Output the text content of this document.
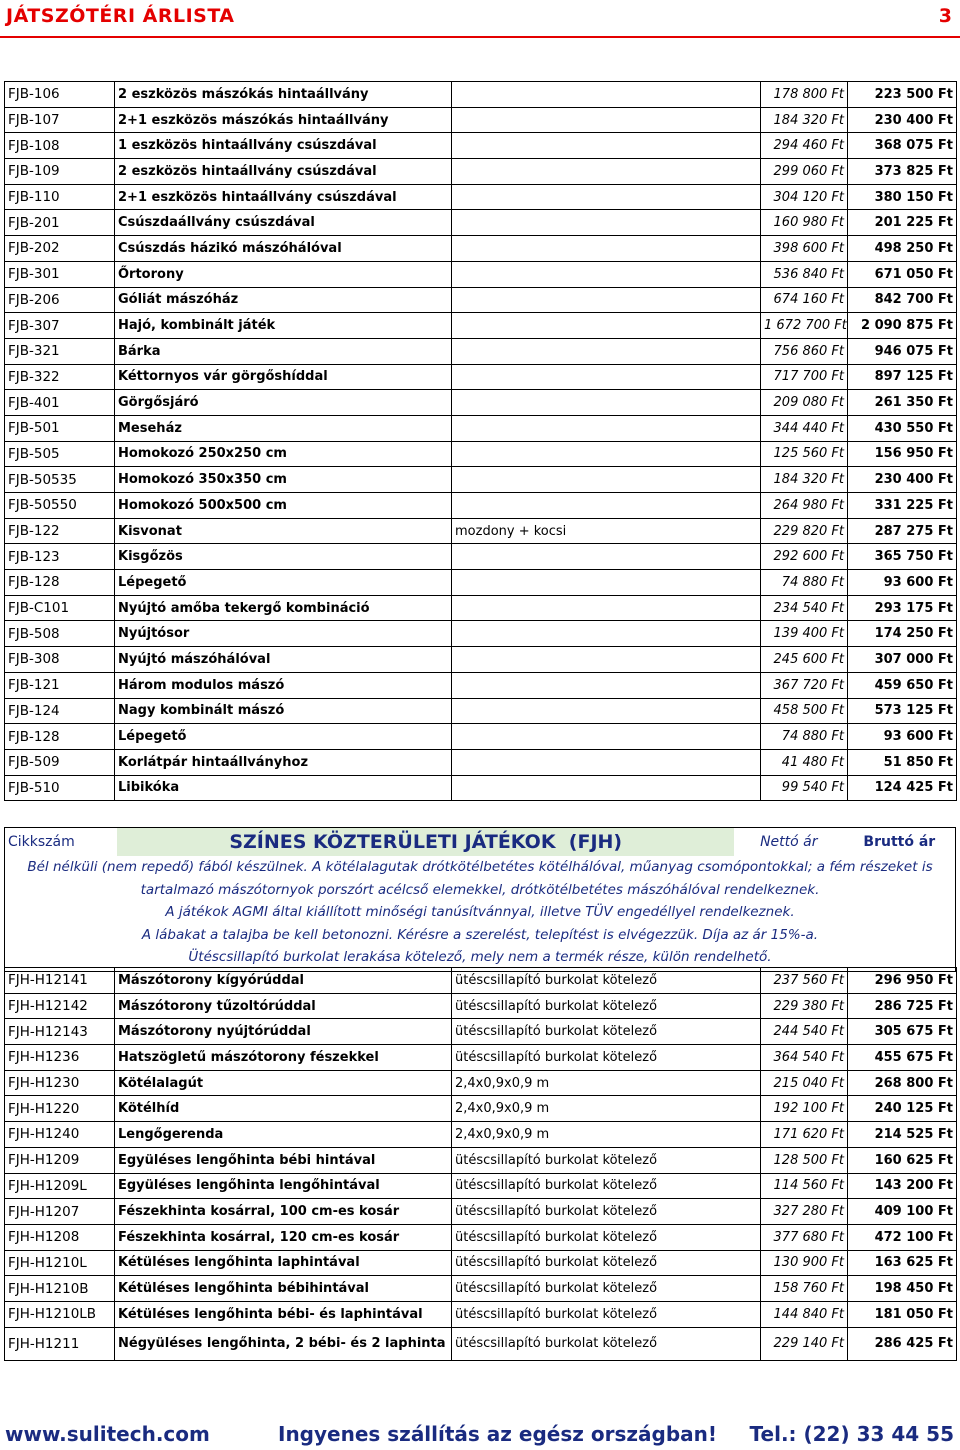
JÁTSZÓTÉRI ÁRLISTA	3
FJB-106	2 eszközös mászókás hintaállvány		178 800 Ft	223 500 Ft
FJB-107	2+1 eszközös mászókás hintaállvány		184 320 Ft	230 400 Ft
FJB-108	1 eszközös hintaállvány csúszdával		294 460 Ft	368 075 Ft
FJB-109	2 eszközös hintaállvány csúszdával		299 060 Ft	373 825 Ft
FJB-110	2+1 eszközös hintaállvány csúszdával		304 120 Ft	380 150 Ft
FJB-201	Csúszdaállvány csúszdával		160 980 Ft	201 225 Ft
FJB-202	Csúszdás házikó mászóhálóval		398 600 Ft	498 250 Ft
FJB-301	Őrtorony		536 840 Ft	671 050 Ft
FJB-206	Góliát mászóház		674 160 Ft	842 700 Ft
FJB-307	Hajó, kombinált játék		1 672 700 Ft	2 090 875 Ft
FJB-321	Bárka		756 860 Ft	946 075 Ft
FJB-322	Kéttornyos vár görgőshíddal		717 700 Ft	897 125 Ft
FJB-401	Görgősjáró		209 080 Ft	261 350 Ft
FJB-501	Meseház		344 440 Ft	430 550 Ft
FJB-505	Homokozó 250x250 cm		125 560 Ft	156 950 Ft
FJB-50535	Homokozó 350x350 cm		184 320 Ft	230 400 Ft
FJB-50550	Homokozó 500x500 cm		264 980 Ft	331 225 Ft
FJB-122	Kisvonat	mozdony + kocsi	229 820 Ft	287 275 Ft
FJB-123	Kisgőzös		292 600 Ft	365 750 Ft
FJB-128	Lépegető		74 880 Ft	93 600 Ft
FJB-C101	Nyújtó amőba tekergő kombináció		234 540 Ft	293 175 Ft
FJB-508	Nyújtósor		139 400 Ft	174 250 Ft
FJB-308	Nyújtó mászóhálóval		245 600 Ft	307 000 Ft
FJB-121	Három modulos mászó		367 720 Ft	459 650 Ft
FJB-124	Nagy kombinált mászó		458 500 Ft	573 125 Ft
FJB-128	Lépegető		74 880 Ft	93 600 Ft
FJB-509	Korlátpár hintaállványhoz		41 480 Ft	51 850 Ft
FJB-510	Libikóka		99 540 Ft	124 425 Ft
Cikkszám	SZÍNES KÖZTERÜLETI JÁTÉKOK
(FJH)	Nettó ár	Bruttó ár
Bél nélküli (nem repedő) fából készülnek. A kötélalagutak drótkötélbetétes kötélhálóval, műanyag csomópontokkal; a fém részeket is
tartalmazó mászótornyok porszórt acélcső elemekkel, drótkötélbetétes mászóhálóval rendelkeznek.
A játékok AGMI által kiállított minőségi tanúsítvánnyal, illetve TÜV engedéllyel rendelkeznek.
A lábakat a talajba be kell betonozni. Kérésre a szerelést, telepítést is elvégezzük. Díja az ár 15%-a.
Ütéscsillapító burkolat lerakása kötelező, mely nem a termék része, külön rendelhető.
FJH-H12141	Mászótorony kígyórúddal	ütéscsillapító burkolat kötelező	237 560 Ft	296 950 Ft
FJH-H12142	Mászótorony tűzoltórúddal	ütéscsillapító burkolat kötelező	229 380 Ft	286 725 Ft
FJH-H12143	Mászótorony nyújtórúddal	ütéscsillapító burkolat kötelező	244 540 Ft	305 675 Ft
FJH-H1236	Hatszögletű mászótorony fészekkel	ütéscsillapító burkolat kötelező	364 540 Ft	455 675 Ft
FJH-H1230	Kötélalagút	2,4x0,9x0,9 m	215 040 Ft	268 800 Ft
FJH-H1220	Kötélhíd	2,4x0,9x0,9 m	192 100 Ft	240 125 Ft
FJH-H1240	Lengőgerenda	2,4x0,9x0,9 m	171 620 Ft	214 525 Ft
FJH-H1209	Együléses lengőhinta bébi hintával	ütéscsillapító burkolat kötelező	128 500 Ft	160 625 Ft
FJH-H1209L	Együléses lengőhinta lengőhintával	ütéscsillapító burkolat kötelező	114 560 Ft	143 200 Ft
FJH-H1207	Fészekhinta kosárral, 100 cm-es kosár	ütéscsillapító burkolat kötelező	327 280 Ft	409 100 Ft
FJH-H1208	Fészekhinta kosárral, 120 cm-es kosár	ütéscsillapító burkolat kötelező	377 680 Ft	472 100 Ft
FJH-H1210L	Kétüléses lengőhinta laphintával	ütéscsillapító burkolat kötelező	130 900 Ft	163 625 Ft
FJH-H1210B	Kétüléses lengőhinta bébihintával	ütéscsillapító burkolat kötelező	158 760 Ft	198 450 Ft
FJH-H1210LB	Kétüléses lengőhinta bébi- és laphintával	ütéscsillapító burkolat kötelező	144 840 Ft	181 050 Ft
FJH-H1211	Négyüléses lengőhinta, 2 bébi- és 2 laphinta	ütéscsillapító burkolat kötelező	229 140 Ft	286 425 Ft
www.sulitech.com	Ingyenes szállítás az egész országban! Tel.: (22) 33 44 55
